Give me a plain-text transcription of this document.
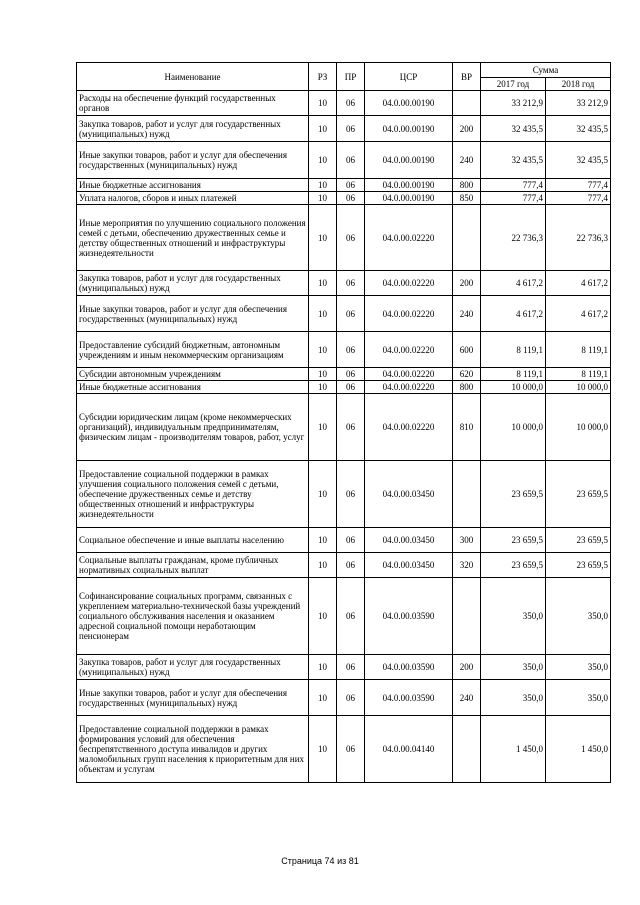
Наименование	РЗ	ПР	ЦСР	ВР	Сумма	
					2017 год	2018 год
Расходы на обеспечение функций государственных органов	10	06	04.0.00.00190		33 212,9	33 212,9
Закупка товаров, работ и услуг для государственных (муниципальных) нужд	10	06	04.0.00.00190	200	32 435,5	32 435,5
Иные закупки товаров, работ и услуг для обеспечения государственных (муниципальных) нужд	10	06	04.0.00.00190	240	32 435,5	32 435,5
Иные бюджетные ассигнования	10	06	04.0.00.00190	800	777,4	777,4
Уплата налогов, сборов и иных платежей	10	06	04.0.00.00190	850	777,4	777,4
Иные мероприятия по улучшению социального положения семей с детьми, обеспечению дружественных семье и детству общественных отношений и инфраструктуры жизнедеятельности	10	06	04.0.00.02220		22 736,3	22 736,3
Закупка товаров, работ и услуг для государственных (муниципальных) нужд	10	06	04.0.00.02220	200	4 617,2	4 617,2
Иные закупки товаров, работ и услуг для обеспечения государственных (муниципальных) нужд	10	06	04.0.00.02220	240	4 617,2	4 617,2
Предоставление субсидий бюджетным, автономным учреждениям и иным некоммерческим организациям	10	06	04.0.00.02220	600	8 119,1	8 119,1
Субсидии автономным учреждениям	10	06	04.0.00.02220	620	8 119,1	8 119,1
Иные бюджетные ассигнования	10	06	04.0.00.02220	800	10 000,0	10 000,0
Субсидии юридическим лицам (кроме некоммерческих организаций), индивидуальным предпринимателям, физическим лицам - производителям товаров, работ, услуг	10	06	04.0.00.02220	810	10 000,0	10 000,0
Предоставление социальной поддержки в рамках улучшения социального положения семей с детьми, обеспечение дружественных семье и детству общественных отношений и инфраструктуры жизнедеятельности	10	06	04.0.00.03450		23 659,5	23 659,5
Социальное обеспечение и иные выплаты населению	10	06	04.0.00.03450	300	23 659,5	23 659,5
Социальные выплаты гражданам, кроме публичных нормативных социальных выплат	10	06	04.0.00.03450	320	23 659,5	23 659,5
Софинансирование социальных программ, связанных с укреплением материально-технической базы учреждений социального обслуживания населения и оказанием адресной социальной помощи неработающим пенсионерам	10	06	04.0.00.03590		350,0	350,0
Закупка товаров, работ и услуг для государственных (муниципальных) нужд	10	06	04.0.00.03590	200	350,0	350,0
Иные закупки товаров, работ и услуг для обеспечения государственных (муниципальных) нужд	10	06	04.0.00.03590	240	350,0	350,0
Предоставление социальной поддержки в рамках формирования условий для обеспечения беспрепятственного доступа инвалидов и других маломобильных групп населения к приоритетным для них объектам и услугам	10	06	04.0.00.04140		1 450,0	1 450,0
Страница 74 из 81
